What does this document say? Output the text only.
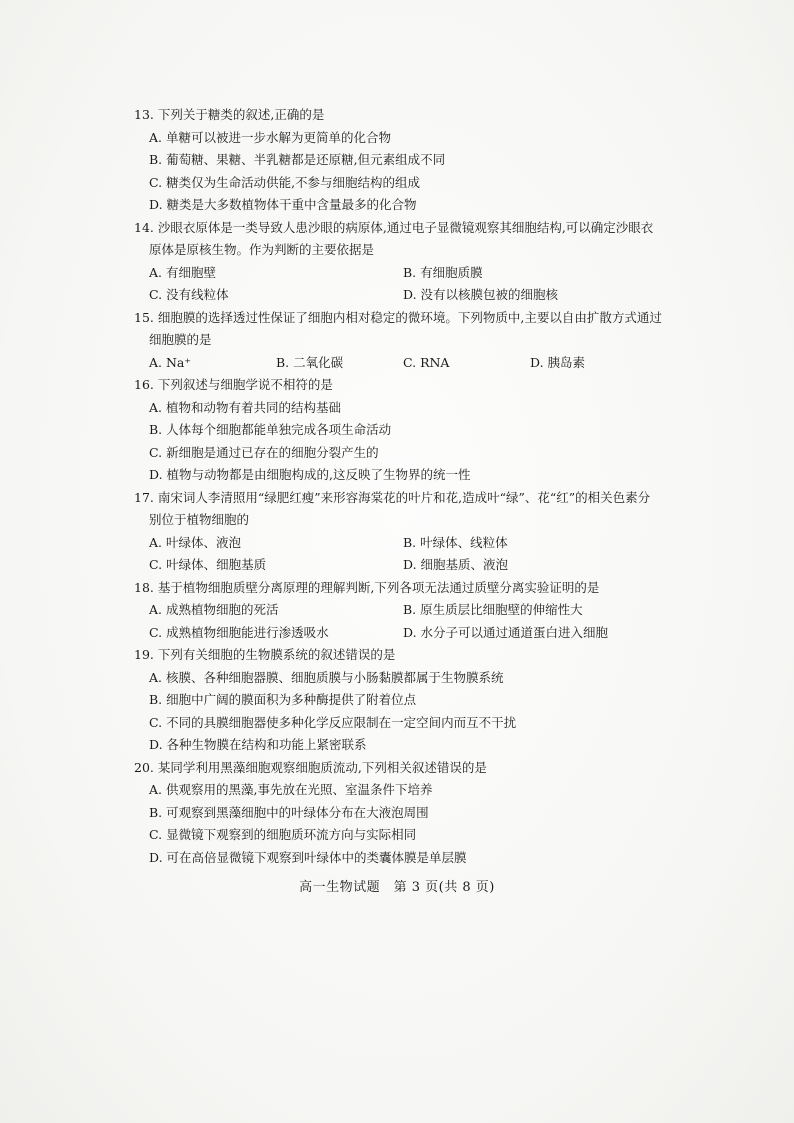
13. 下列关于糖类的叙述,正确的是
A. 单糖可以被进一步水解为更简单的化合物
B. 葡萄糖、果糖、半乳糖都是还原糖,但元素组成不同
C. 糖类仅为生命活动供能,不参与细胞结构的组成
D. 糖类是大多数植物体干重中含量最多的化合物
14. 沙眼衣原体是一类导致人患沙眼的病原体,通过电子显微镜观察其细胞结构,可以确定沙眼衣
原体是原核生物。作为判断的主要依据是
A. 有细胞壁	B. 有细胞质膜
C. 没有线粒体	D. 没有以核膜包被的细胞核
15. 细胞膜的选择透过性保证了细胞内相对稳定的微环境。下列物质中,主要以自由扩散方式通过
细胞膜的是
A. Na⁺	B. 二氧化碳	C. RNA	D. 胰岛素
16. 下列叙述与细胞学说不相符的是
A. 植物和动物有着共同的结构基础
B. 人体每个细胞都能单独完成各项生命活动
C. 新细胞是通过已存在的细胞分裂产生的
D. 植物与动物都是由细胞构成的,这反映了生物界的统一性
17. 南宋词人李清照用“绿肥红瘦”来形容海棠花的叶片和花,造成叶“绿”、花“红”的相关色素分
别位于植物细胞的
A. 叶绿体、液泡	B. 叶绿体、线粒体
C. 叶绿体、细胞基质	D. 细胞基质、液泡
18. 基于植物细胞质壁分离原理的理解判断,下列各项无法通过质壁分离实验证明的是
A. 成熟植物细胞的死活	B. 原生质层比细胞壁的伸缩性大
C. 成熟植物细胞能进行渗透吸水	D. 水分子可以通过通道蛋白进入细胞
19. 下列有关细胞的生物膜系统的叙述错误的是
A. 核膜、各种细胞器膜、细胞质膜与小肠黏膜都属于生物膜系统
B. 细胞中广阔的膜面积为多种酶提供了附着位点
C. 不同的具膜细胞器使多种化学反应限制在一定空间内而互不干扰
D. 各种生物膜在结构和功能上紧密联系
20. 某同学利用黑藻细胞观察细胞质流动,下列相关叙述错误的是
A. 供观察用的黑藻,事先放在光照、室温条件下培养
B. 可观察到黑藻细胞中的叶绿体分布在大液泡周围
C. 显微镜下观察到的细胞质环流方向与实际相同
D. 可在高倍显微镜下观察到叶绿体中的类囊体膜是单层膜
高一生物试题　第 3 页(共 8 页)
